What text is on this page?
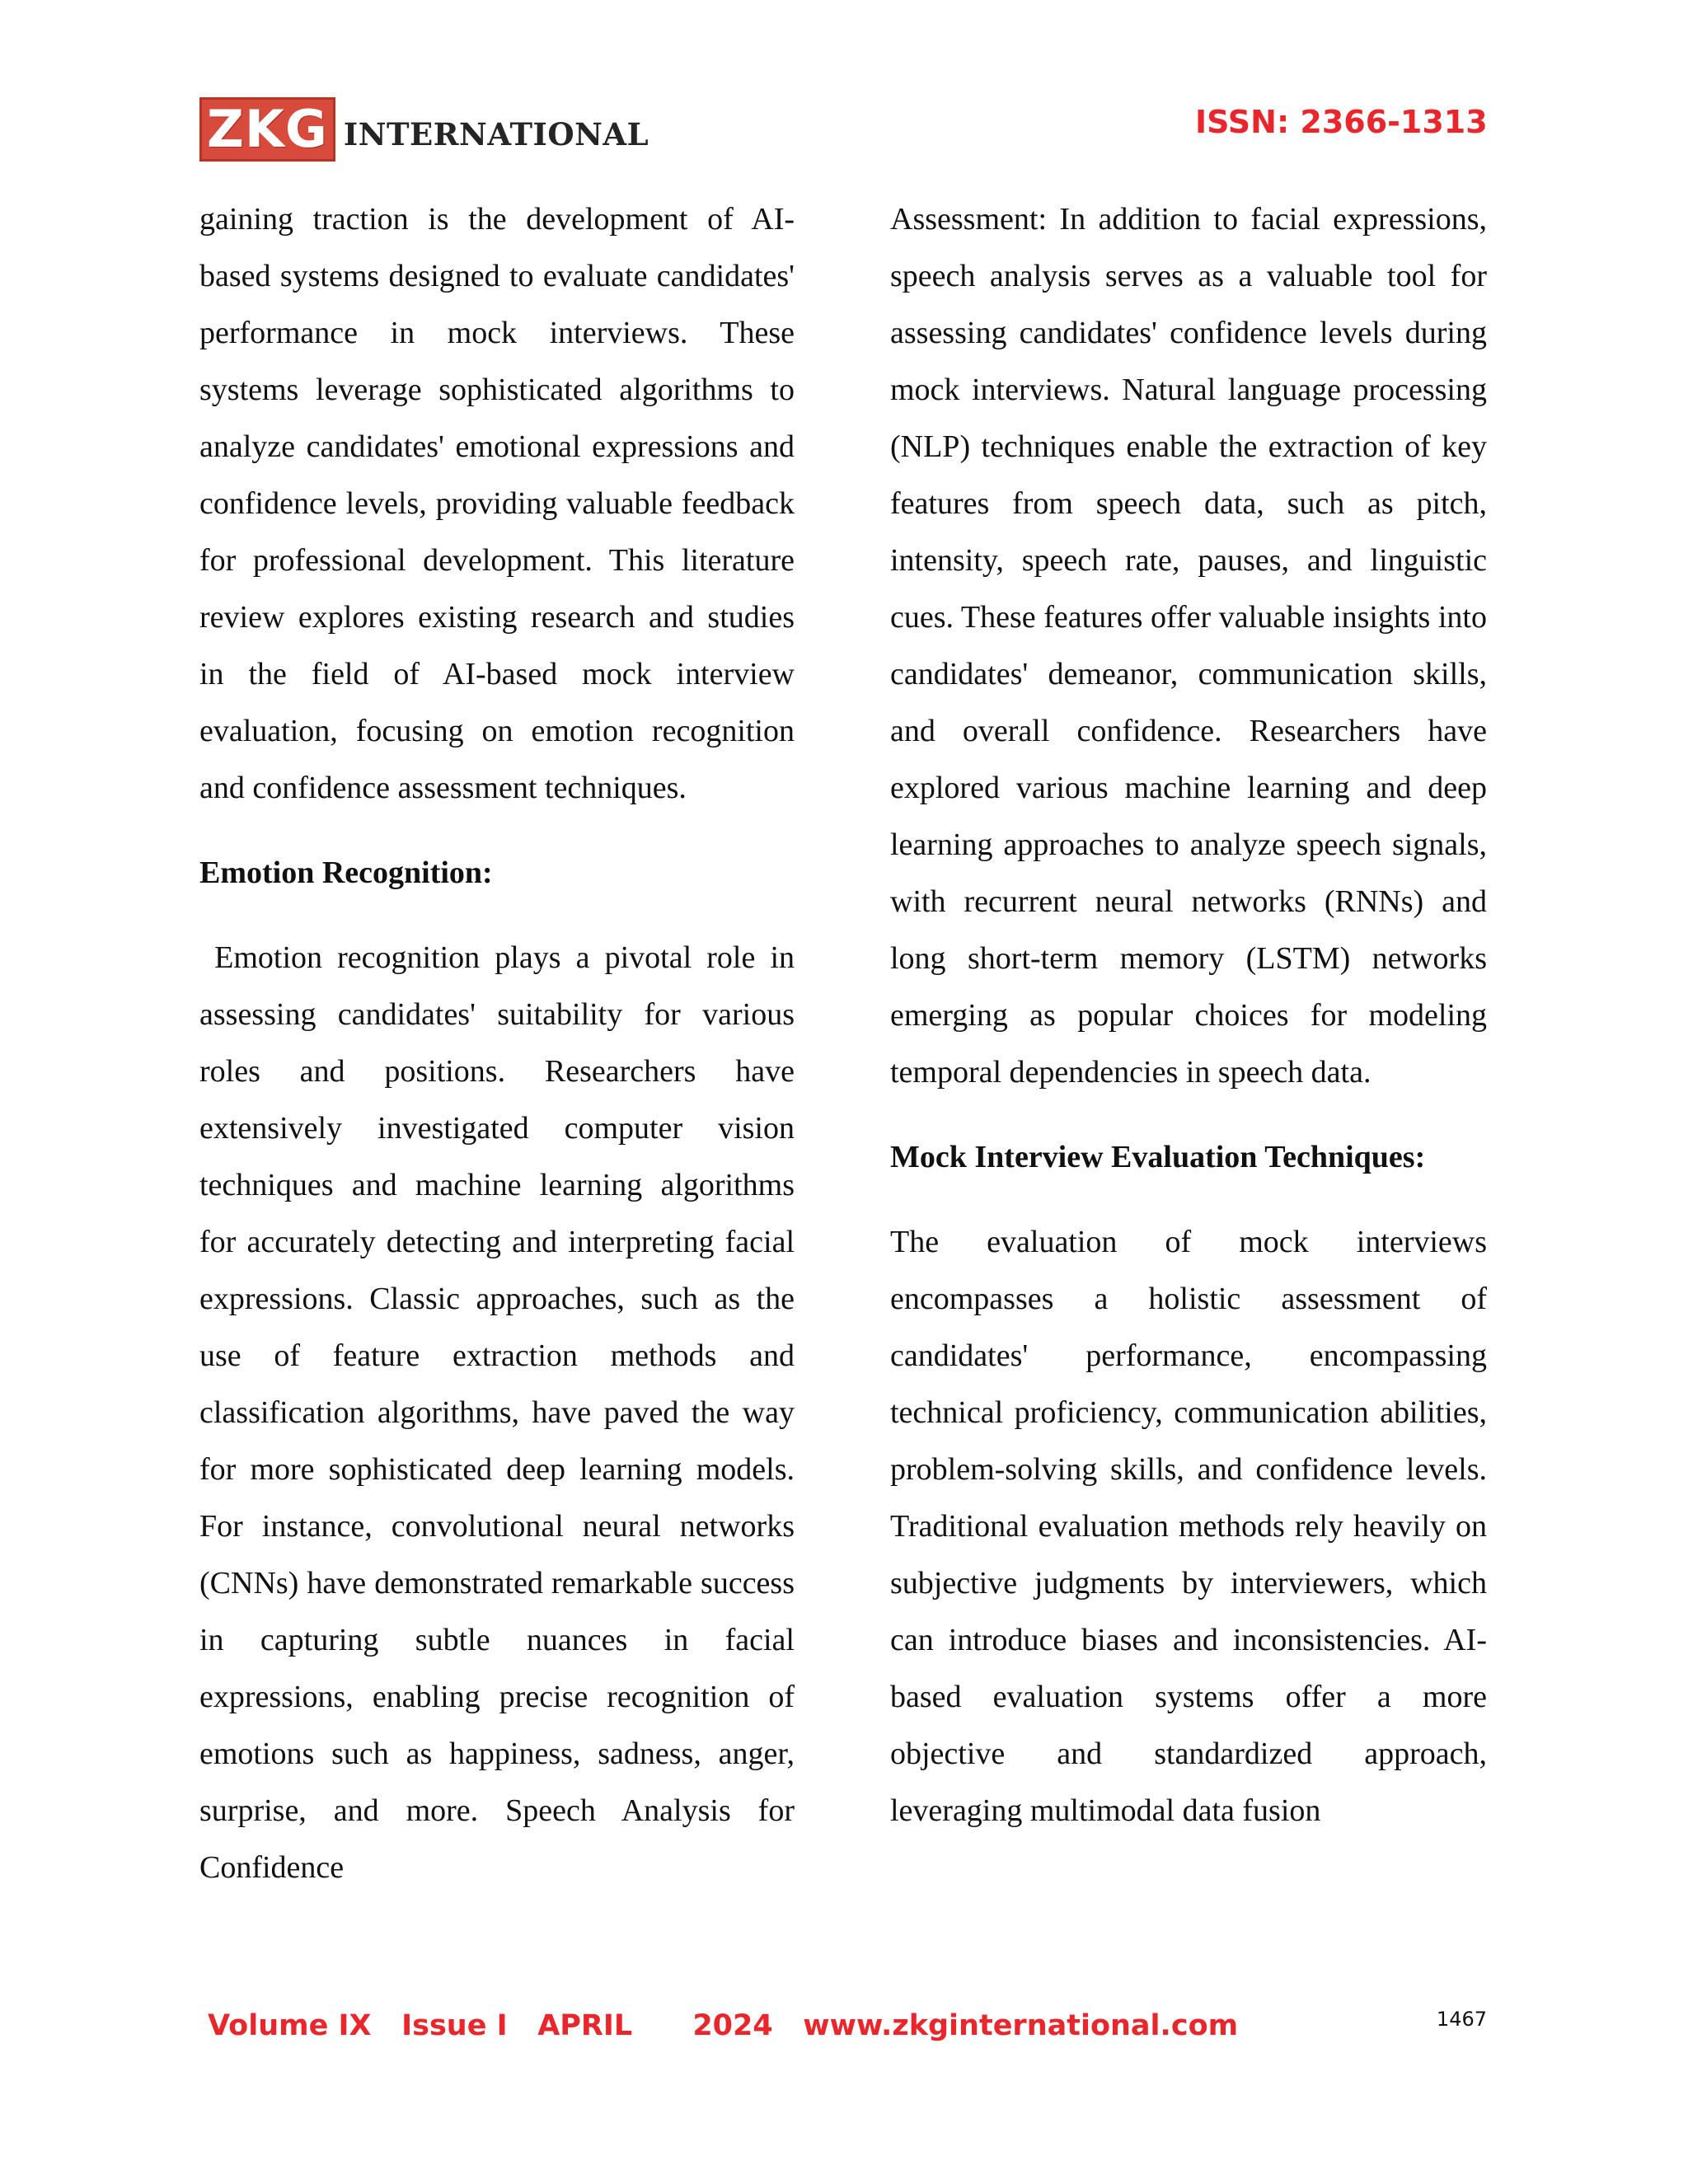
ZKG INTERNATIONAL	ISSN: 2366-1313

gaining traction is the development of AI-based systems designed to evaluate candidates' performance in mock interviews. These systems leverage sophisticated algorithms to analyze candidates' emotional expressions and confidence levels, providing valuable feedback for professional development. This literature review explores existing research and studies in the field of AI-based mock interview evaluation, focusing on emotion recognition and confidence assessment techniques.

Emotion Recognition:

Emotion recognition plays a pivotal role in assessing candidates' suitability for various roles and positions. Researchers have extensively investigated computer vision techniques and machine learning algorithms for accurately detecting and interpreting facial expressions. Classic approaches, such as the use of feature extraction methods and classification algorithms, have paved the way for more sophisticated deep learning models. For instance, convolutional neural networks (CNNs) have demonstrated remarkable success in capturing subtle nuances in facial expressions, enabling precise recognition of emotions such as happiness, sadness, anger, surprise, and more. Speech Analysis for Confidence

Assessment: In addition to facial expressions, speech analysis serves as a valuable tool for assessing candidates' confidence levels during mock interviews. Natural language processing (NLP) techniques enable the extraction of key features from speech data, such as pitch, intensity, speech rate, pauses, and linguistic cues. These features offer valuable insights into candidates' demeanor, communication skills, and overall confidence. Researchers have explored various machine learning and deep learning approaches to analyze speech signals, with recurrent neural networks (RNNs) and long short-term memory (LSTM) networks emerging as popular choices for modeling temporal dependencies in speech data.

Mock Interview Evaluation Techniques:

The evaluation of mock interviews encompasses a holistic assessment of candidates' performance, encompassing technical proficiency, communication abilities, problem-solving skills, and confidence levels. Traditional evaluation methods rely heavily on subjective judgments by interviewers, which can introduce biases and inconsistencies. AI-based evaluation systems offer a more objective and standardized approach, leveraging multimodal data fusion

Volume IX   Issue I   APRIL      2024   www.zkginternational.com	1467
